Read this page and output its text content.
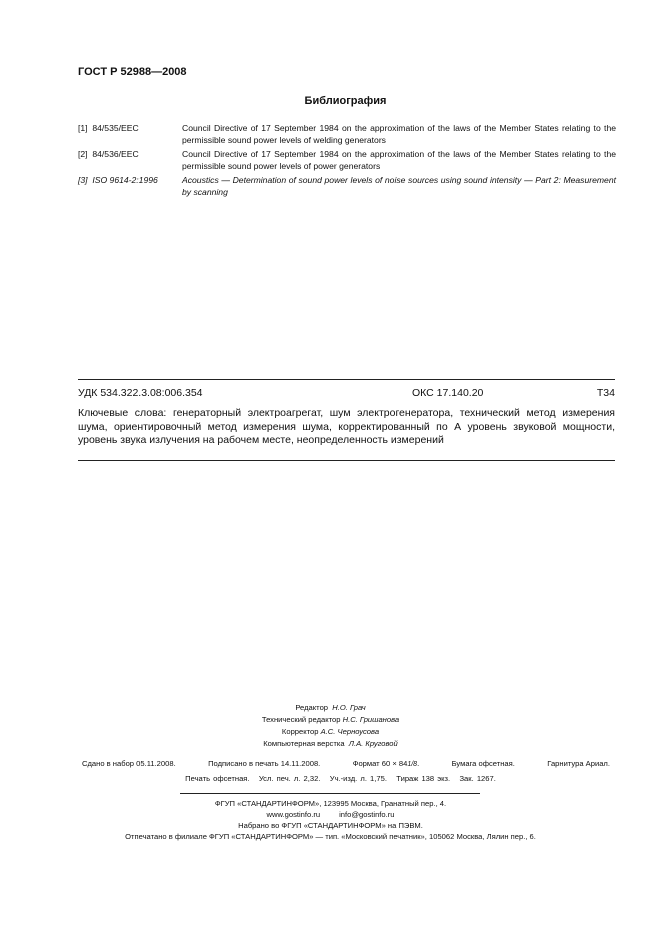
ГОСТ Р 52988—2008
Библиография
[1] 84/535/EEC	Council Directive of 17 September 1984 on the approximation of the laws of the Member States relating to the permissible sound power levels of welding generators
[2] 84/536/EEC	Council Directive of 17 September 1984 on the approximation of the laws of the Member States relating to the permissible sound power levels of power generators
[3] ISO 9614-2:1996	Acoustics — Determination of sound power levels of noise sources using sound intensity — Part 2: Measurement by scanning
УДК 534.322.3.08:006.354	ОКС 17.140.20	Т34
Ключевые слова: генераторный электроагрегат, шум электрогенератора, технический метод измерения шума, ориентировочный метод измерения шума, корректированный по А уровень звуковой мощности, уровень звука излучения на рабочем месте, неопределенность измерений
Редактор Н.О. Грач
Технический редактор Н.С. Гришанова
Корректор А.С. Черноусова
Компьютерная верстка Л.А. Круговой
Сдано в набор 05.11.2008.	Подписано в печать 14.11.2008.	Формат 60 × 841/8.	Бумага офсетная.	Гарнитура Ариал.
Печать офсетная. Усл. печ. л. 2,32. Уч.-изд. л. 1,75. Тираж 138 экз. Зак. 1267.
ФГУП «СТАНДАРТИНФОРМ», 123995 Москва, Гранатный пер., 4.
www.gostinfo.ru	info@gostinfo.ru
Набрано во ФГУП «СТАНДАРТИНФОРМ» на ПЭВМ.
Отпечатано в филиале ФГУП «СТАНДАРТИНФОРМ» — тип. «Московский печатник», 105062 Москва, Лялин пер., 6.
